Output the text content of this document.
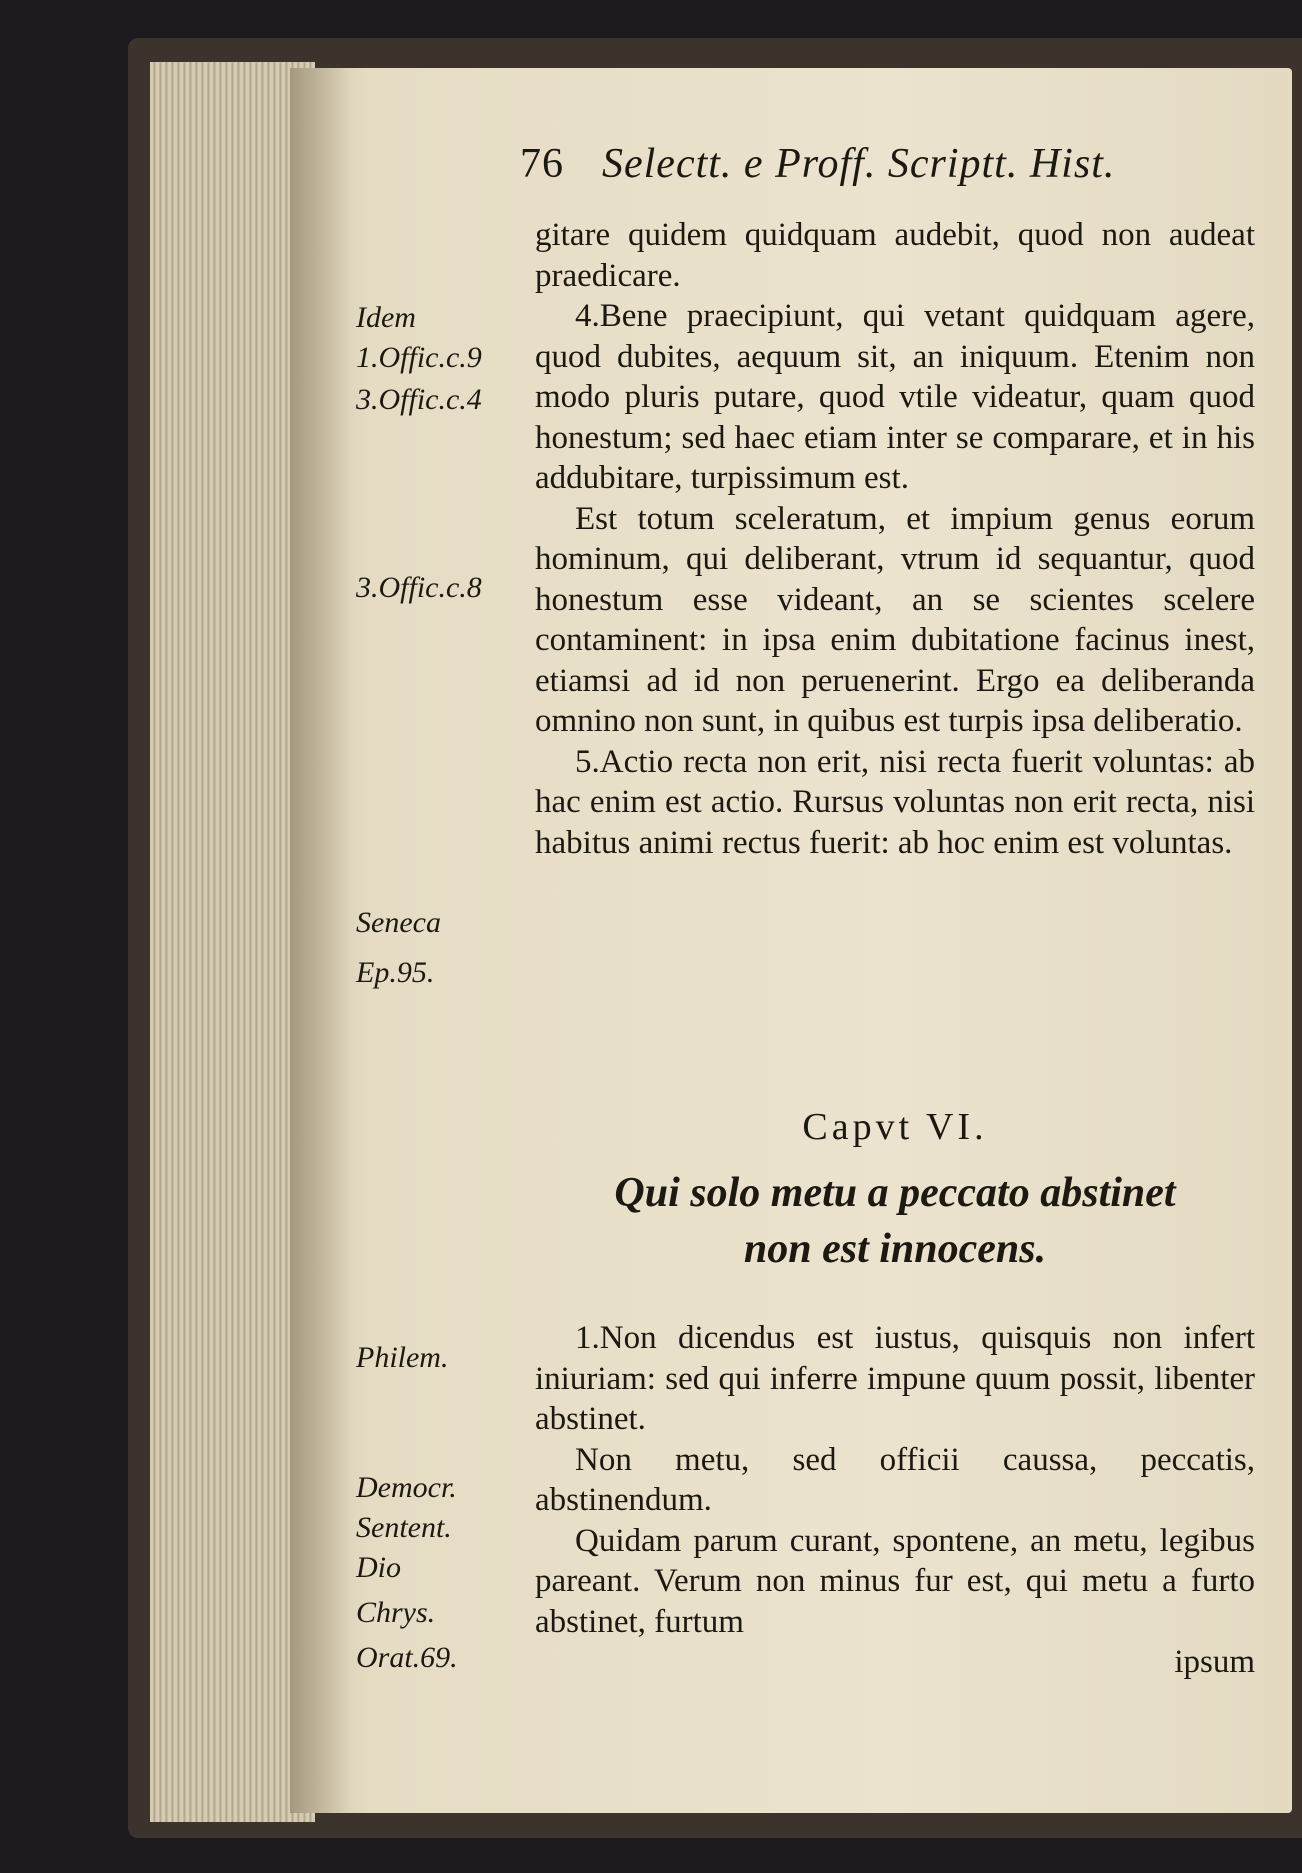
76 Selectt. e Proff. Scriptt. Hist.

gitare quidem quidquam audebit, quod non audeat praedicare.

4.Bene praecipiunt, qui vetant quidquam agere, quod dubites, aequum sit, an iniquum. Etenim non modo pluris putare, quod vtile videatur, quam quod honestum; sed haec etiam inter se comparare, et in his addubitare, turpissimum est.

Est totum sceleratum, et impium genus eorum hominum, qui deliberant, vtrum id sequantur, quod honestum esse videant, an se scientes scelere contaminent: in ipsa enim dubitatione facinus inest, etiamsi ad id non peruenerint. Ergo ea deliberanda omnino non sunt, in quibus est turpis ipsa deliberatio.

5.Actio recta non erit, nisi recta fuerit voluntas: ab hac enim est actio. Rursus voluntas non erit recta, nisi habitus animi rectus fuerit: ab hoc enim est voluntas.

Capvt VI.
Qui solo metu a peccato abstinet
non est innocens.

1.Non dicendus est iustus, quisquis non infert iniuriam: sed qui inferre impune quum possit, libenter abstinet.

Non metu, sed officii caussa, peccatis, abstinendum.

Quidam parum curant, spontene, an metu, legibus pareant. Verum non minus fur est, qui metu a furto abstinet, furtum

ipsum

Idem
1.Offic.c.9
3.Offic.c.4
3.Offic.c.8
Seneca
Ep.95.
Philem.
Democr.
Sentent.
Dio
Chrys.
Orat.69.
